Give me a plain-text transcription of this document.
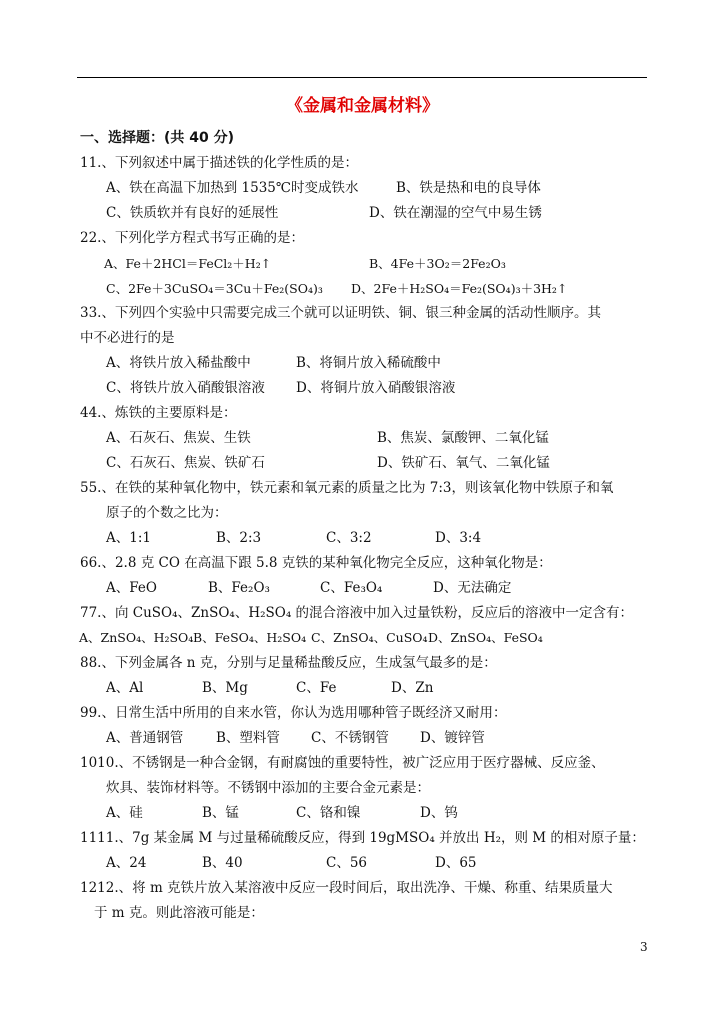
《金属和金属材料》
一、选择题：(共 40 分)
11.、下列叙述中属于描述铁的化学性质的是：
A、铁在高温下加热到 1535℃时变成铁水	B、铁是热和电的良导体
C、铁质软并有良好的延展性	D、铁在潮湿的空气中易生锈
22.、下列化学方程式书写正确的是：
A、Fe＋2HCl＝FeCl₂＋H₂↑	B、4Fe＋3O₂＝2Fe₂O₃
C、2Fe＋3CuSO₄＝3Cu＋Fe₂(SO₄)₃ D、2Fe＋H₂SO₄＝Fe₂(SO₄)₃＋3H₂↑
33.、下列四个实验中只需要完成三个就可以证明铁、铜、银三种金属的活动性顺序。其
中不必进行的是
A、将铁片放入稀盐酸中	B、将铜片放入稀硫酸中
C、将铁片放入硝酸银溶液 D、将铜片放入硝酸银溶液
44.、炼铁的主要原料是：
A、石灰石、焦炭、生铁	B、焦炭、氯酸钾、二氧化锰
C、石灰石、焦炭、铁矿石	D、铁矿石、氧气、二氧化锰
55.、在铁的某种氧化物中，铁元素和氧元素的质量之比为 7:3，则该氧化物中铁原子和氧
原子的个数之比为：
A、1:1	B、2:3	C、3:2	D、3:4
66.、2.8 克 CO 在高温下跟 5.8 克铁的某种氧化物完全反应，这种氧化物是：
A、FeO	B、Fe₂O₃	C、Fe₃O₄	D、无法确定
77.、向 CuSO₄、ZnSO₄、H₂SO₄ 的混合溶液中加入过量铁粉，反应后的溶液中一定含有：
A、ZnSO₄、H₂SO₄ B、FeSO₄、H₂SO₄ C、ZnSO₄、CuSO₄ D、ZnSO₄、FeSO₄
88.、下列金属各 n 克，分别与足量稀盐酸反应，生成氢气最多的是：
A、Al	B、Mg	C、Fe	D、Zn
99.、日常生活中所用的自来水管，你认为选用哪种管子既经济又耐用：
A、普通钢管 B、塑料管 C、不锈钢管 D、镀锌管
1010.、不锈钢是一种合金钢，有耐腐蚀的重要特性，被广泛应用于医疗器械、反应釜、
炊具、装饰材料等。不锈钢中添加的主要合金元素是：
A、硅	B、锰	C、铬和镍	D、钨
1111.、7g 某金属 M 与过量稀硫酸反应，得到 19gMSO₄ 并放出 H₂，则 M 的相对原子量：
A、24	B、40	C、56	D、65
1212.、将 m 克铁片放入某溶液中反应一段时间后，取出洗净、干燥、称重、结果质量大
于 m 克。则此溶液可能是：
3
